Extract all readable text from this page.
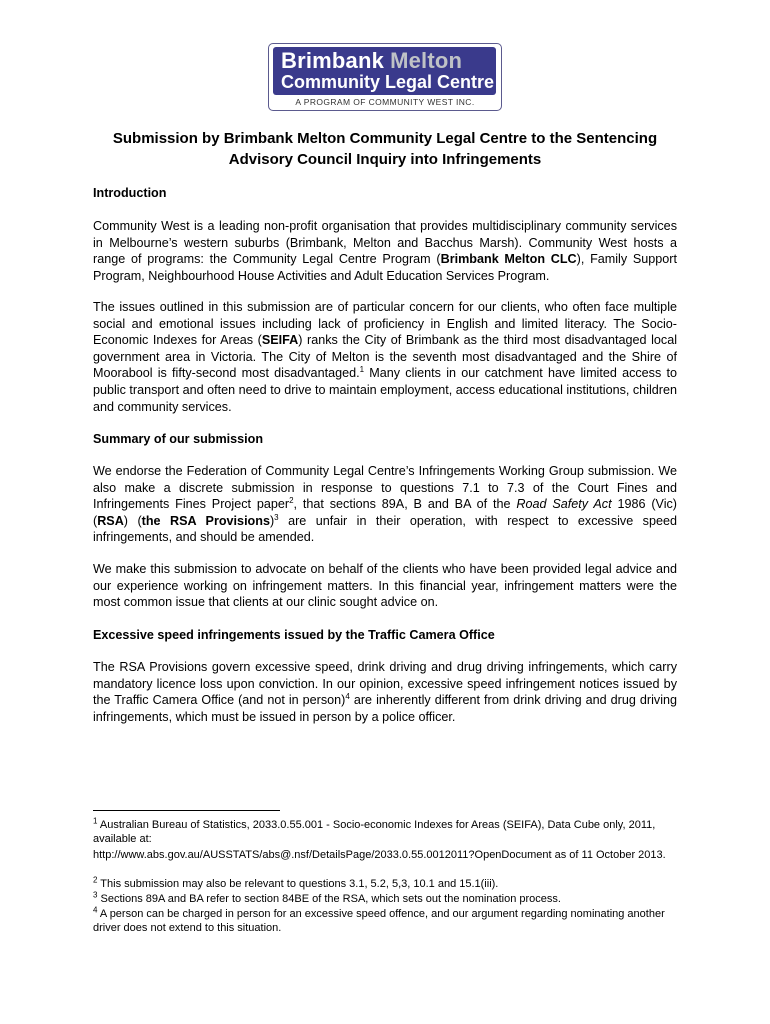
Brimbank Melton
Community Legal Centre
A PROGRAM OF COMMUNITY WEST INC.
Submission by Brimbank Melton Community Legal Centre to the Sentencing Advisory Council Inquiry into Infringements
Introduction
Community West is a leading non-profit organisation that provides multidisciplinary community services in Melbourne’s western suburbs (Brimbank, Melton and Bacchus Marsh). Community West hosts a range of programs: the Community Legal Centre Program (Brimbank Melton CLC), Family Support Program, Neighbourhood House Activities and Adult Education Services Program.
The issues outlined in this submission are of particular concern for our clients, who often face multiple social and emotional issues including lack of proficiency in English and limited literacy. The Socio-Economic Indexes for Areas (SEIFA) ranks the City of Brimbank as the third most disadvantaged local government area in Victoria. The City of Melton is the seventh most disadvantaged and the Shire of Moorabool is fifty-second most disadvantaged.$^1$ Many clients in our catchment have limited access to public transport and often need to drive to maintain employment, access educational institutions, children and community services.
Summary of our submission
We endorse the Federation of Community Legal Centre’s Infringements Working Group submission. We also make a discrete submission in response to questions 7.1 to 7.3 of the Court Fines and Infringements Fines Project paper$^2$, that sections 89A, B and BA of the Road Safety Act 1986 (Vic) (RSA) (the RSA Provisions)$^3$ are unfair in their operation, with respect to excessive speed infringements, and should be amended.
We make this submission to advocate on behalf of the clients who have been provided legal advice and our experience working on infringement matters. In this financial year, infringement matters were the most common issue that clients at our clinic sought advice on.
Excessive speed infringements issued by the Traffic Camera Office
The RSA Provisions govern excessive speed, drink driving and drug driving infringements, which carry mandatory licence loss upon conviction. In our opinion, excessive speed infringement notices issued by the Traffic Camera Office (and not in person)$^4$ are inherently different from drink driving and drug driving infringements, which must be issued in person by a police officer.
$^1$ Australian Bureau of Statistics, 2033.0.55.001 - Socio-economic Indexes for Areas (SEIFA), Data Cube only, 2011, available at:
http://www.abs.gov.au/AUSSTATS/abs@.nsf/DetailsPage/2033.0.55.0012011?OpenDocument as of 11 October 2013.
$^2$ This submission may also be relevant to questions 3.1, 5.2, 5,3, 10.1 and 15.1(iii).
$^3$ Sections 89A and BA refer to section 84BE of the RSA, which sets out the nomination process.
$^4$ A person can be charged in person for an excessive speed offence, and our argument regarding nominating another driver does not extend to this situation.
